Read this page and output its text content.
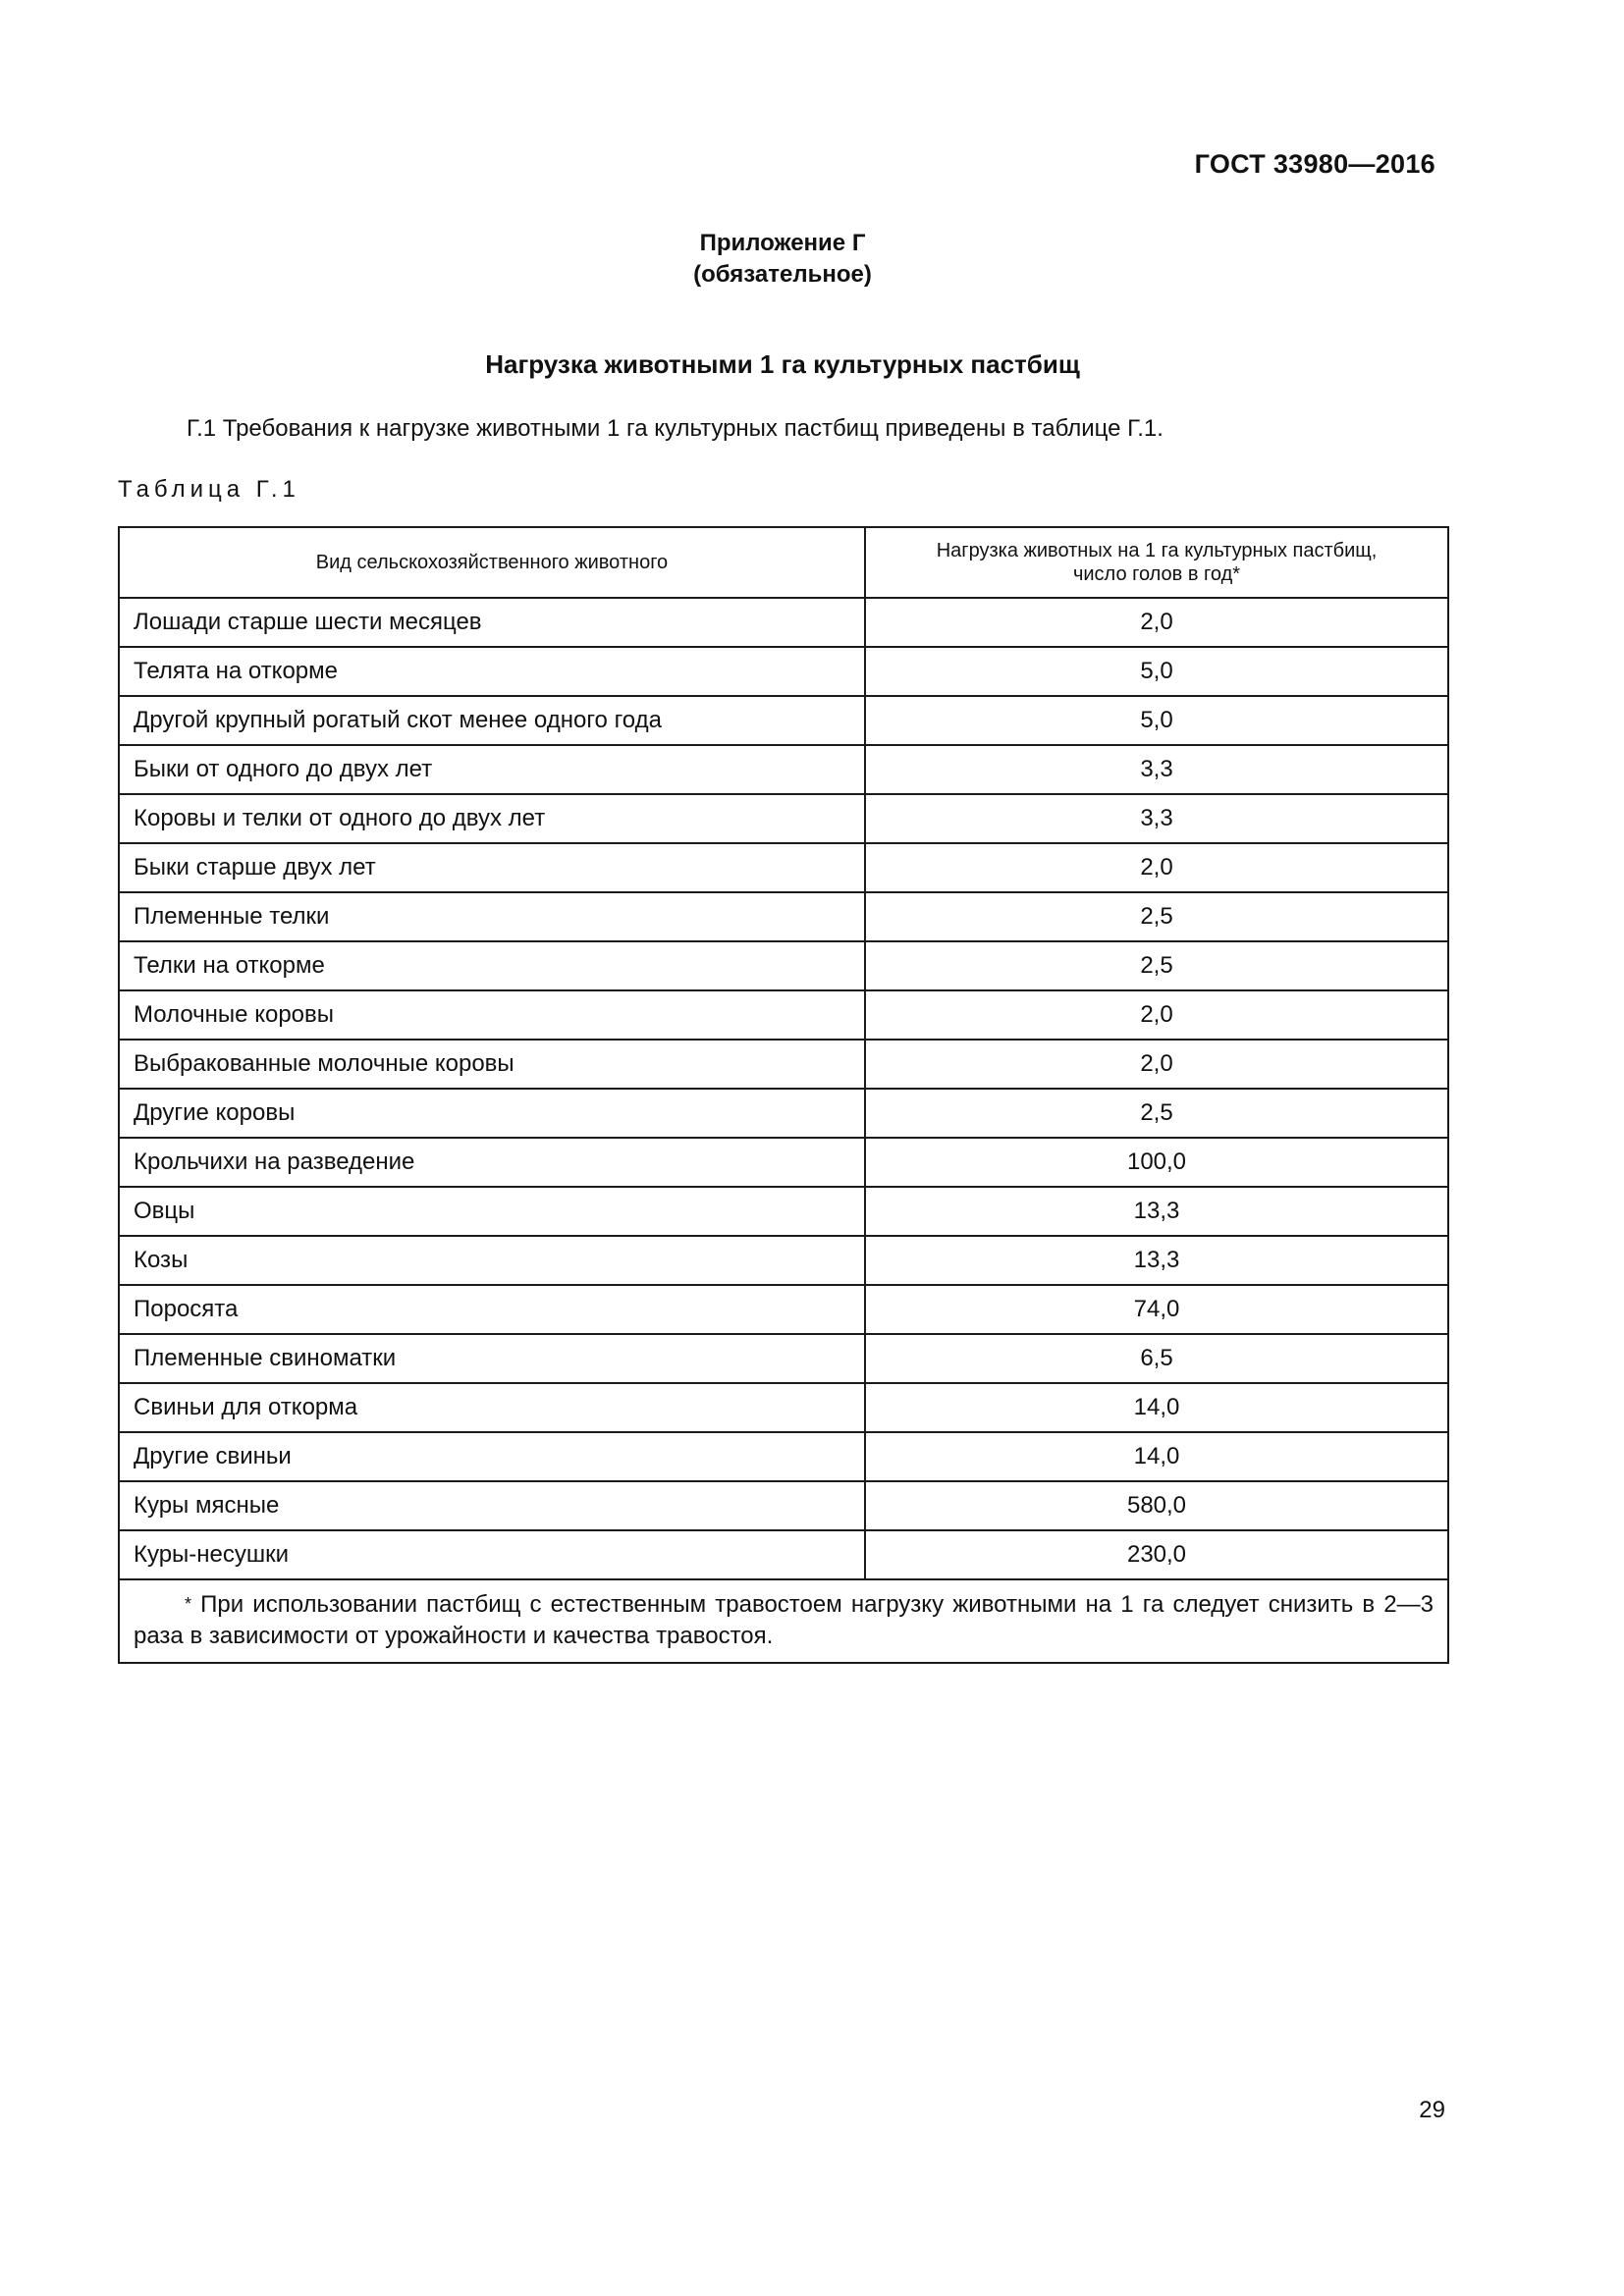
ГОСТ 33980—2016
Приложение Г
(обязательное)
Нагрузка животными 1 га культурных пастбищ
Г.1 Требования к нагрузке животными 1 га культурных пастбищ приведены в таблице Г.1.
Таблица Г.1
Вид сельскохозяйственного животного	Нагрузка животных на 1 га культурных пастбищ,
число голов в год*
Лошади старше шести месяцев	2,0
Телята на откорме	5,0
Другой крупный рогатый скот менее одного года	5,0
Быки от одного до двух лет	3,3
Коровы и телки от одного до двух лет	3,3
Быки старше двух лет	2,0
Племенные телки	2,5
Телки на откорме	2,5
Молочные коровы	2,0
Выбракованные молочные коровы	2,0
Другие коровы	2,5
Крольчихи на разведение	100,0
Овцы	13,3
Козы	13,3
Поросята	74,0
Племенные свиноматки	6,5
Свиньи для откорма	14,0
Другие свиньи	14,0
Куры мясные	580,0
Куры-несушки	230,0
* При использовании пастбищ с естественным травостоем нагрузку животными на 1 га следует снизить в 2—3 раза в зависимости от урожайности и качества травостоя.	
29
